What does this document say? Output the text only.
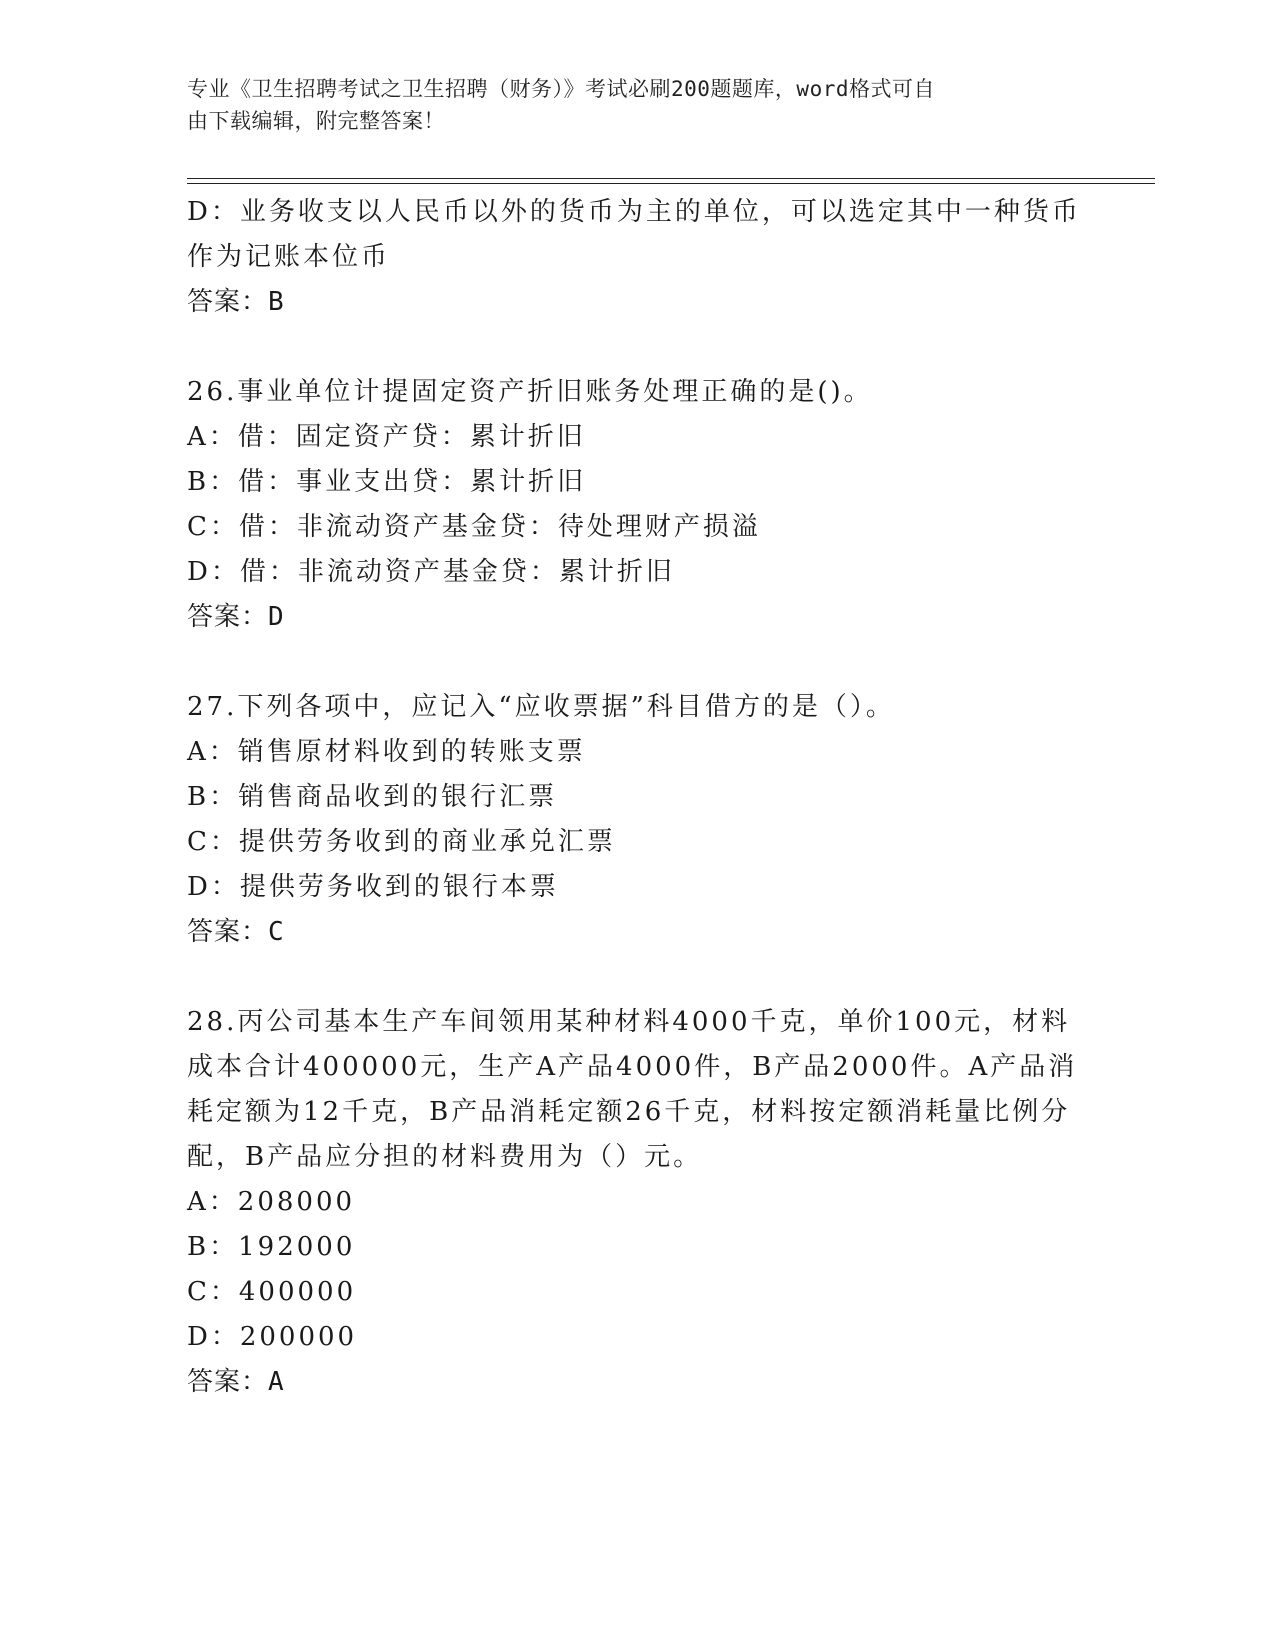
专业《卫生招聘考试之卫生招聘（财务）》考试必刷200题题库，word格式可自
由下载编辑，附完整答案！
D：业务收支以人民币以外的货币为主的单位，可以选定其中一种货币
作为记账本位币
答案：B
26.事业单位计提固定资产折旧账务处理正确的是()。
A：借：固定资产贷：累计折旧
B：借：事业支出贷：累计折旧
C：借：非流动资产基金贷：待处理财产损溢
D：借：非流动资产基金贷：累计折旧
答案：D
27.下列各项中，应记入“应收票据”科目借方的是（）。
A：销售原材料收到的转账支票
B：销售商品收到的银行汇票
C：提供劳务收到的商业承兑汇票
D：提供劳务收到的银行本票
答案：C
28.丙公司基本生产车间领用某种材料4000千克，单价100元，材料
成本合计400000元，生产A产品4000件，B产品2000件。A产品消
耗定额为12千克，B产品消耗定额26千克，材料按定额消耗量比例分
配，B产品应分担的材料费用为（）元。
A：208000
B：192000
C：400000
D：200000
答案：A
